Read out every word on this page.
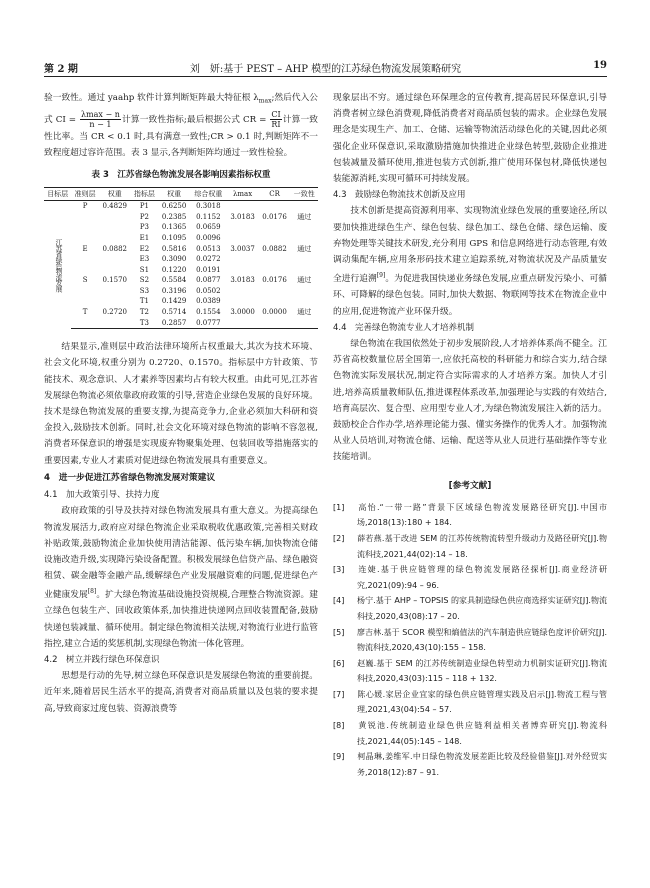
第 2 期	刘　妍:基于 PEST – AHP 模型的江苏绿色物流发展策略研究	19

验一致性。通过 yaahp 软件计算判断矩阵最大特征根 $\lambda_{max}$;然后代入公式 CI = $\frac{\lambda\max - n}{n - 1}$ 计算一致性指标;最后根据公式 CR = $\frac{CI}{RI}$ 计算一致性比率。当 CR < 0.1 时,具有满意一致性;CR > 0.1 时,判断矩阵不一致程度超过容许范围。表 3 显示,各判断矩阵均通过一致性检验。

表 3　江苏省绿色物流发展各影响因素指标权重
目标层	准则层	权重	指标层	权重	综合权重	λmax	CR	一致性
江苏省绿色物流发展	P	0.4829	P1	0.6250	0.3018			
			P2	0.2385	0.1152	3.0183	0.0176	通过
			P3	0.1365	0.0659			
			E1	0.1095	0.0096			
	E	0.0882	E2	0.5816	0.0513	3.0037	0.0882	通过
			E3	0.3090	0.0272			
			S1	0.1220	0.0191			
	S	0.1570	S2	0.5584	0.0877	3.0183	0.0176	通过
			S3	0.3196	0.0502			
			T1	0.1429	0.0389			
	T	0.2720	T2	0.5714	0.1554	3.0000	0.0000	通过
			T3	0.2857	0.0777			

结果显示,准则层中政治法律环境所占权重最大,其次为技术环境、社会文化环境,权重分别为 0.2720、0.1570。指标层中方针政策、节能技术、观念意识、人才素养等因素均占有较大权重。由此可见,江苏省发展绿色物流必须依靠政府政策的引导,营造企业绿色发展的良好环境。技术是绿色物流发展的重要支撑,为提高竞争力,企业必须加大科研和资金投入,鼓励技术创新。同时,社会文化环境对绿色物流的影响不容忽视,消费者环保意识的增强是实现废弃物聚集处理、包装回收等措施落实的重要因素,专业人才素质对促进绿色物流发展具有重要意义。

4　进一步促进江苏省绿色物流发展对策建议
4.1　加大政策引导、扶持力度

政府政策的引导及扶持对绿色物流发展具有重大意义。为提高绿色物流发展活力,政府应对绿色物流企业采取税收优惠政策,完善相关财政补贴政策,鼓励物流企业加快使用清洁能源、低污染车辆,加快物流仓储设施改造升级,实现降污染设备配置。积极发展绿色信贷产品、绿色融资租赁、碳金融等金融产品,缓解绿色产业发展融资难的问题,促进绿色产业健康发展[8]。扩大绿色物流基础设施投资规模,合理整合物流资源。建立绿色包装生产、回收政策体系,加快推进快递网点回收装置配备,鼓励快递包装减量、循环使用。制定绿色物流相关法规,对物流行业进行监管指控,建立合适的奖惩机制,实现绿色物流一体化管理。

4.2　树立并践行绿色环保意识

思想是行动的先导,树立绿色环保意识是发展绿色物流的重要前提。近年来,随着居民生活水平的提高,消费者对商品质量以及包装的要求提高,导致商家过度包装、资源浪费等

现象层出不穷。通过绿色环保理念的宣传教育,提高居民环保意识,引导消费者树立绿色消费观,降低消费者对商品质包装的需求。企业绿色发展理念是实现生产、加工、仓储、运输等物流活动绿色化的关键,因此必须强化企业环保意识,采取激励措施加快推进企业绿色转型,鼓励企业推进包装减量及循环使用,推进包装方式创新,推广使用环保包材,降低快递包装能源消耗,实现可循环可持续发展。

4.3　鼓励绿色物流技术创新及应用

技术创新是提高资源利用率、实现物流业绿色发展的重要途径,所以要加快推进绿色生产、绿色包装、绿色加工、绿色仓储、绿色运输、废弃物处理等关键技术研发,充分利用 GPS 和信息网络进行动态管理,有效调动集配车辆,应用条形码技术建立追踪系统,对物流状况及产品质量安全进行追溯[9]。为促进我国快递业务绿色发展,应重点研发污染小、可循环、可降解的绿色包装。同时,加快大数据、物联网等技术在物流企业中的应用,促进物流产业环保升级。

4.4　完善绿色物流专业人才培养机制

绿色物流在我国依然处于初步发展阶段,人才培养体系尚不健全。江苏省高校数量位居全国第一,应依托高校的科研能力和综合实力,结合绿色物流实际发展状况,制定符合实际需求的人才培养方案。加快人才引进,培养高质量教师队伍,推进课程体系改革,加强理论与实践的有效结合,培育高层次、复合型、应用型专业人才,为绿色物流发展注入新的活力。鼓励校企合作办学,培养理论能力强、懂实务操作的优秀人才。加强物流从业人员培训,对物流仓储、运输、配送等从业人员进行基础操作等专业技能培训。

[参考文献]
[1] 高怡.“一带一路”背景下区域绿色物流发展路径研究[J].中国市场,2018(13):180 + 184.
[2] 薛若燕.基于改进 SEM 的江苏传统物流转型升级动力及路径研究[J].物流科技,2021,44(02):14 – 18.
[3] 连婕.基于供应链管理的绿色物流发展路径探析[J].商业经济研究,2021(09):94 – 96.
[4] 杨宁.基于 AHP – TOPSIS 的家具制造绿色供应商选择实证研究[J].物流科技,2020,43(08):17 – 20.
[5] 廖吉林.基于 SCOR 模型和熵值法的汽车制造供应链绿色度评价研究[J].物流科技,2020,43(10):155 – 158.
[6] 赵巍.基于 SEM 的江苏传统制造业绿色转型动力机制实证研究[J].物流科技,2020,43(03):115 – 118 + 132.
[7] 陈心媛.家居企业宜家的绿色供应链管理实践及启示[J].物流工程与管理,2021,43(04):54 – 57.
[8] 黄锐池.传统制造业绿色供应链利益相关者博弈研究[J].物流科技,2021,44(05):145 – 148.
[9] 柯晶琳,姜维军.中日绿色物流发展差距比较及经验借鉴[J].对外经贸实务,2018(12):87 – 91.
